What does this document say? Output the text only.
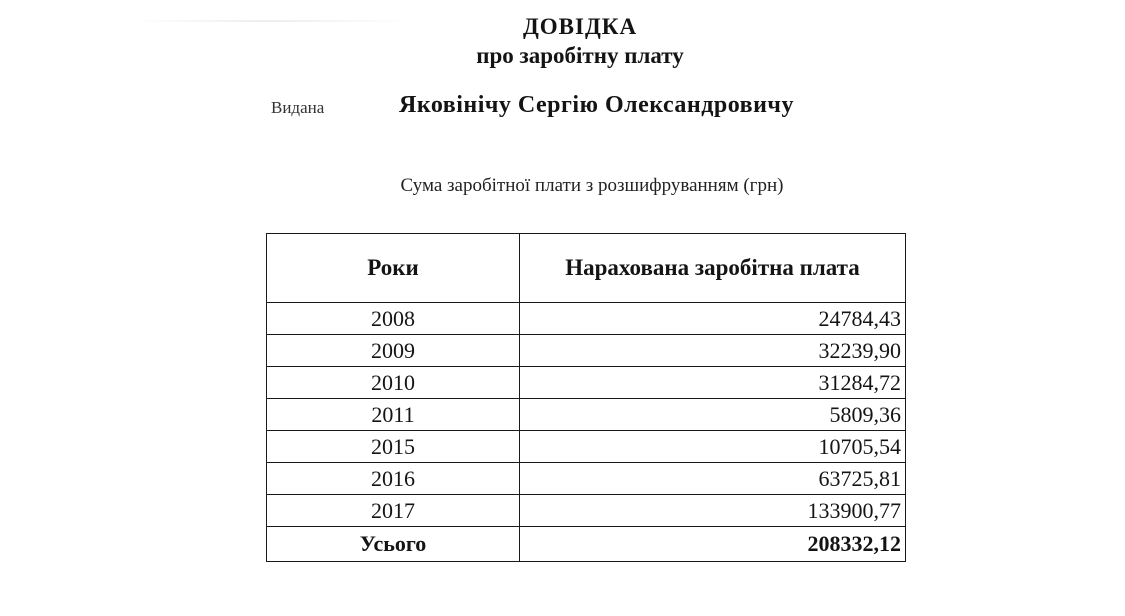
ДОВІДКА
про заробітну плату
Видана	Яковінічу Сергію Олександровичу
Сума заробітної плати з розшифруванням (грн)
Роки	Нарахована заробітна плата
2008	24784,43
2009	32239,90
2010	31284,72
2011	5809,36
2015	10705,54
2016	63725,81
2017	133900,77
Усього	208332,12
